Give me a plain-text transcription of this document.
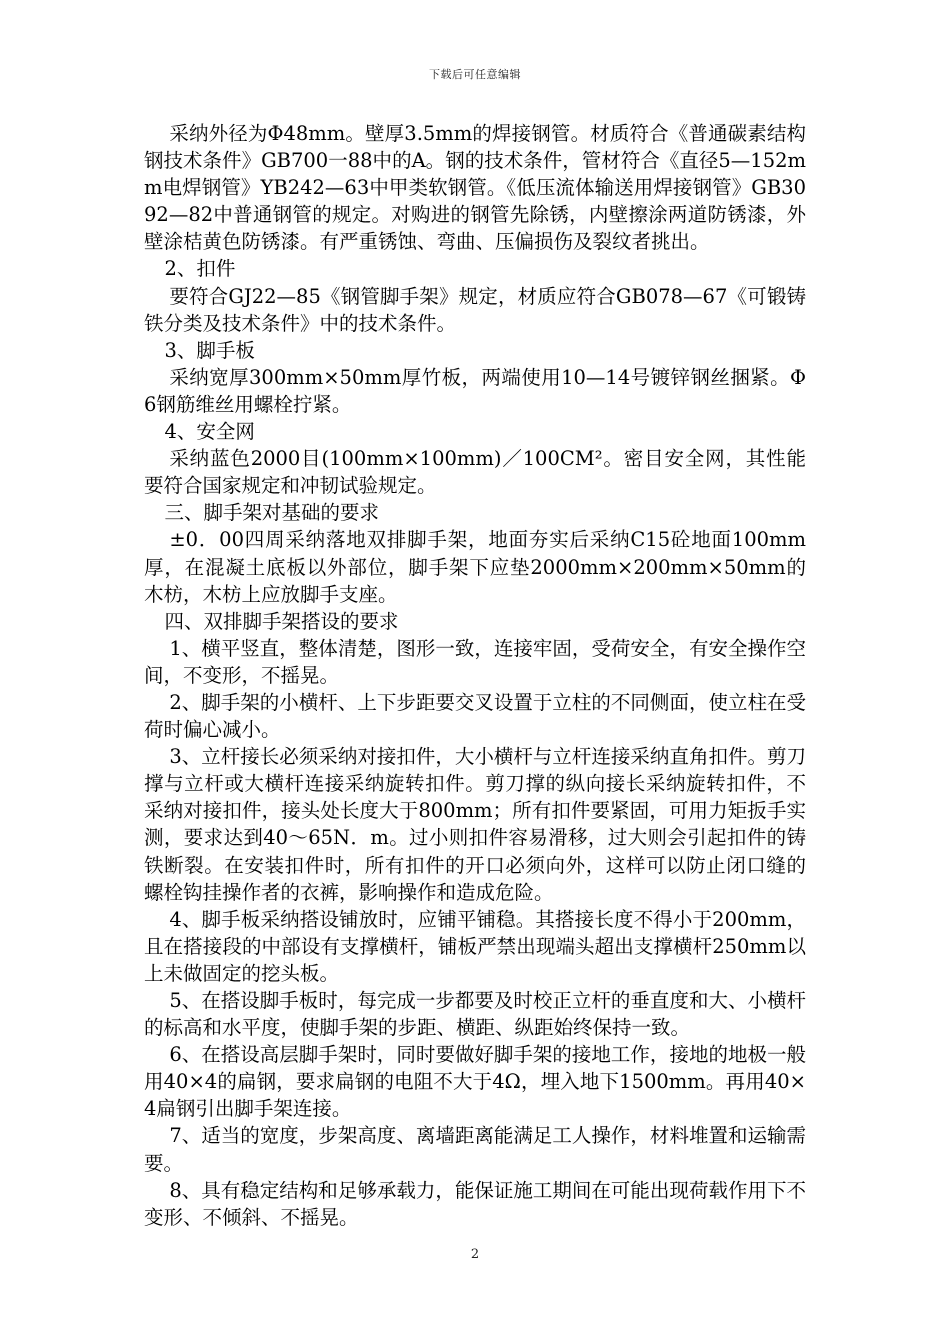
下载后可任意编辑

采纳外径为Φ48mm。壁厚3.5mm的焊接钢管。材质符合《普通碳素结构钢技术条件》GB700一88中的A。钢的技术条件，管材符合《直径5—152mm电焊钢管》YB242—63中甲类软钢管。《低压流体输送用焊接钢管》GB3092—82中普通钢管的规定。对购进的钢管先除锈，内壁擦涂两道防锈漆，外壁涂桔黄色防锈漆。有严重锈蚀、弯曲、压偏损伤及裂纹者挑出。

2、扣件

要符合GJ22—85《钢管脚手架》规定，材质应符合GB078—67《可锻铸铁分类及技术条件》中的技术条件。

3、脚手板

采纳宽厚300mm×50mm厚竹板，两端使用10—14号镀锌钢丝捆紧。Φ6钢筋维丝用螺栓拧紧。

4、安全网

采纳蓝色2000目(100mm×100mm)／100CM²。密目安全网，其性能要符合国家规定和冲韧试验规定。

三、脚手架对基础的要求

±0．00四周采纳落地双排脚手架，地面夯实后采纳C15砼地面100mm厚，在混凝土底板以外部位，脚手架下应垫2000mm×200mm×50mm的木枋，木枋上应放脚手支座。

四、双排脚手架搭设的要求

1、横平竖直，整体清楚，图形一致，连接牢固，受荷安全，有安全操作空间，不变形，不摇晃。

2、脚手架的小横杆、上下步距要交叉设置于立柱的不同侧面，使立柱在受荷时偏心减小。

3、立杆接长必须采纳对接扣件，大小横杆与立杆连接采纳直角扣件。剪刀撑与立杆或大横杆连接采纳旋转扣件。剪刀撑的纵向接长采纳旋转扣件，不采纳对接扣件，接头处长度大于800mm；所有扣件要紧固，可用力矩扳手实测，要求达到40～65N．m。过小则扣件容易滑移，过大则会引起扣件的铸铁断裂。在安装扣件时，所有扣件的开口必须向外，这样可以防止闭口缝的螺栓钩挂操作者的衣裤，影响操作和造成危险。

4、脚手板采纳搭设铺放时，应铺平铺稳。其搭接长度不得小于200mm，且在搭接段的中部设有支撑横杆，铺板严禁出现端头超出支撑横杆250mm以上未做固定的挖头板。

5、在搭设脚手板时，每完成一步都要及时校正立杆的垂直度和大、小横杆的标高和水平度，使脚手架的步距、横距、纵距始终保持一致。

6、在搭设高层脚手架时，同时要做好脚手架的接地工作，接地的地极一般用40×4的扁钢，要求扁钢的电阻不大于4Ω，埋入地下1500mm。再用40×4扁钢引出脚手架连接。

7、适当的宽度，步架高度、离墙距离能满足工人操作，材料堆置和运输需要。

8、具有稳定结构和足够承载力，能保证施工期间在可能出现荷载作用下不变形、不倾斜、不摇晃。

2
